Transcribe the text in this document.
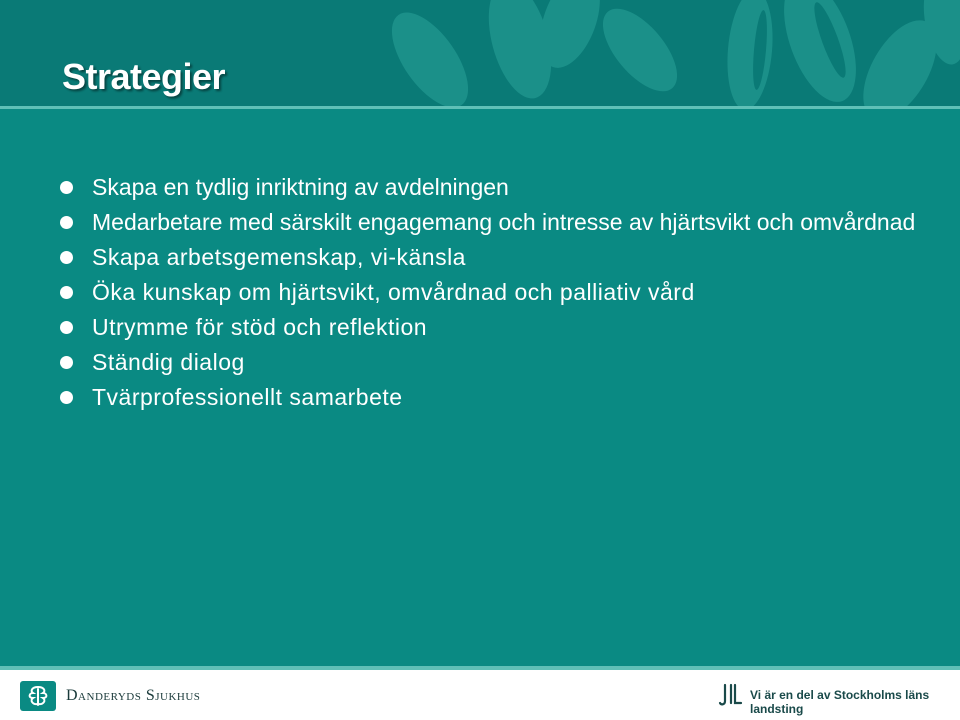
Strategier
Skapa en tydlig inriktning av avdelningen
Medarbetare med särskilt engagemang och intresse av hjärtsvikt och omvårdnad
Skapa arbetsgemenskap, vi-känsla
Öka kunskap om hjärtsvikt, omvårdnad och palliativ vård
Utrymme för stöd och reflektion
Ständig dialog
Tvärprofessionellt samarbete
Danderyds Sjukhus	Vi är en del av Stockholms läns landsting
